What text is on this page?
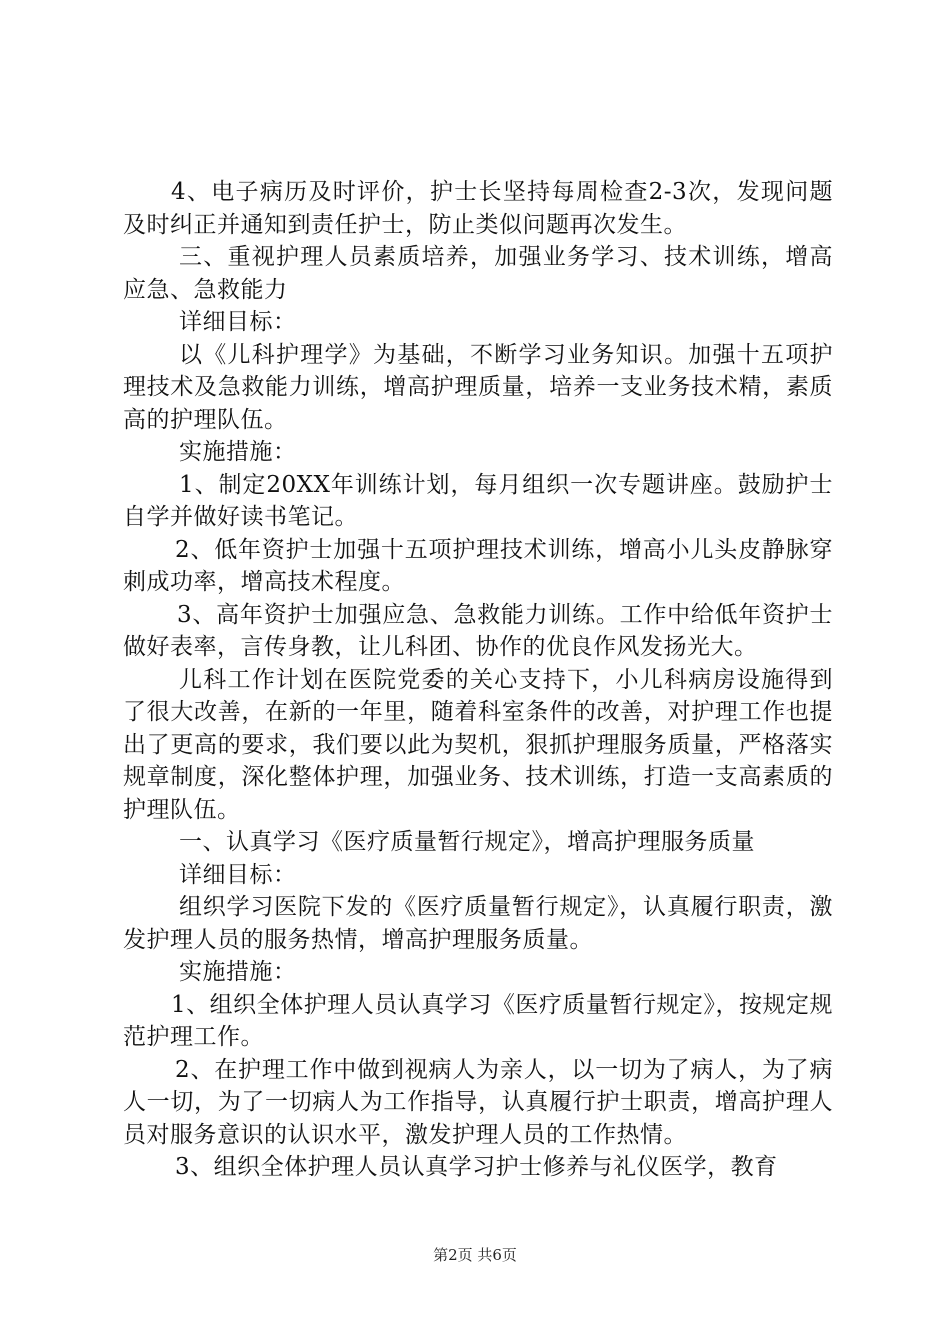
4、电子病历及时评价，护士长坚持每周检查2-3次，发现问题及时纠正并通知到责任护士，防止类似问题再次发生。

三、重视护理人员素质培养，加强业务学习、技术训练，增高应急、急救能力

详细目标：

以《儿科护理学》为基础，不断学习业务知识。加强十五项护理技术及急救能力训练，增高护理质量，培养一支业务技术精，素质高的护理队伍。

实施措施：

1、制定20XX年训练计划，每月组织一次专题讲座。鼓励护士自学并做好读书笔记。

2、低年资护士加强十五项护理技术训练，增高小儿头皮静脉穿刺成功率，增高技术程度。

3、高年资护士加强应急、急救能力训练。工作中给低年资护士做好表率，言传身教，让儿科团、协作的优良作风发扬光大。

儿科工作计划在医院党委的关心支持下，小儿科病房设施得到了很大改善，在新的一年里，随着科室条件的改善，对护理工作也提出了更高的要求，我们要以此为契机，狠抓护理服务质量，严格落实规章制度，深化整体护理，加强业务、技术训练，打造一支高素质的护理队伍。

一、认真学习《医疗质量暂行规定》，增高护理服务质量

详细目标：

组织学习医院下发的《医疗质量暂行规定》，认真履行职责，激发护理人员的服务热情，增高护理服务质量。

实施措施：

1、组织全体护理人员认真学习《医疗质量暂行规定》，按规定规范护理工作。

2、在护理工作中做到视病人为亲人，以一切为了病人，为了病人一切，为了一切病人为工作指导，认真履行护士职责，增高护理人员对服务意识的认识水平，激发护理人员的工作热情。

3、组织全体护理人员认真学习护士修养与礼仪医学，教育

第2页 共6页
